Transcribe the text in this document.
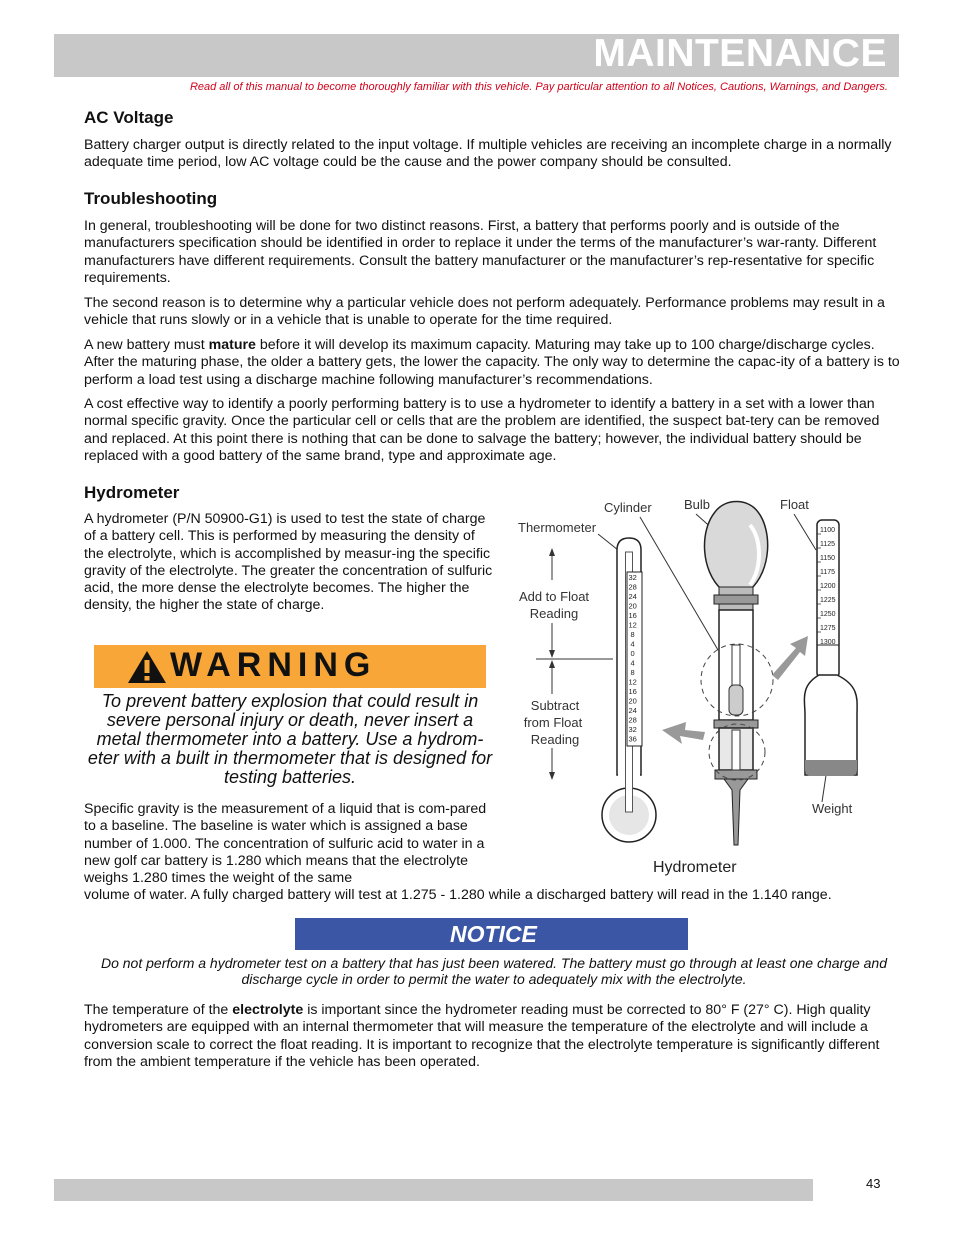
MAINTENANCE
Read all of this manual to become thoroughly familiar with this vehicle. Pay particular attention to all Notices, Cautions, Warnings, and Dangers.
AC Voltage

Battery charger output is directly related to the input voltage. If multiple vehicles are receiving an incomplete charge in a normally adequate time period, low AC voltage could be the cause and the power company should be consulted.

Troubleshooting

In general, troubleshooting will be done for two distinct reasons. First, a battery that performs poorly and is outside of the manufacturers specification should be identified in order to replace it under the terms of the manufacturer’s war-ranty. Different manufacturers have different requirements. Consult the battery manufacturer or the manufacturer’s rep-resentative for specific requirements.

The second reason is to determine why a particular vehicle does not perform adequately. Performance problems may result in a vehicle that runs slowly or in a vehicle that is unable to operate for the time required.

A new battery must mature before it will develop its maximum capacity. Maturing may take up to 100 charge/discharge cycles. After the maturing phase, the older a battery gets, the lower the capacity. The only way to determine the capac-ity of a battery is to perform a load test using a discharge machine following manufacturer’s recommendations.

A cost effective way to identify a poorly performing battery is to use a hydrometer to identify a battery in a set with a lower than normal specific gravity. Once the particular cell or cells that are the problem are identified, the suspect bat-tery can be removed and replaced. At this point there is nothing that can be done to salvage the battery; however, the individual battery should be replaced with a good battery of the same brand, type and approximate age.

Hydrometer

A hydrometer (P/N 50900-G1) is used to test the state of charge of a battery cell. This is performed by measuring the density of the electrolyte, which is accomplished by measur-ing the specific gravity of the electrolyte. The greater the concentration of sulfuric acid, the more dense the electrolyte becomes. The higher the density, the higher the state of charge.

WARNING
To prevent battery explosion that could result in severe personal injury or death, never insert a metal thermometer into a battery. Use a hydrom-eter with a built in thermometer that is designed for testing batteries.

Specific gravity is the measurement of a liquid that is com-pared to a baseline. The baseline is water which is assigned a base number of 1.000. The concentration of sulfuric acid to water in a new golf car battery is 1.280 which means that the electrolyte weighs 1.280 times the weight of the same

volume of water. A fully charged battery will test at 1.275 - 1.280 while a discharged battery will read in the 1.140 range.

Cylinder Bulb	Float
Thermometer
Add to Float
Reading
Subtract
from Float
Reading
Weight
Hydrometer
32
28
24
20
16
12
8
4
0
4
8
12
16
20
24
28
32
36
1100
1125
1150
1175
1200
1225
1250
1275
1300
NOTICE
Do not perform a hydrometer test on a battery that has just been watered. The battery must go through at least one charge and discharge cycle in order to permit the water to adequately mix with the electrolyte.

The temperature of the electrolyte is important since the hydrometer reading must be corrected to 80° F (27° C). High quality hydrometers are equipped with an internal thermometer that will measure the temperature of the electrolyte and will include a conversion scale to correct the float reading. It is important to recognize that the electrolyte temperature is significantly different from the ambient temperature if the vehicle has been operated.

43
